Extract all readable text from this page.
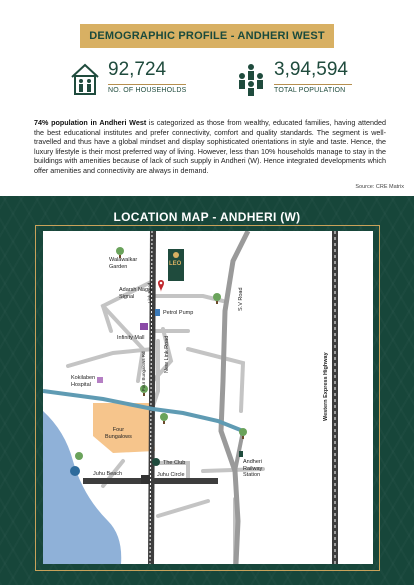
DEMOGRAPHIC PROFILE - ANDHERI WEST
92,724
NO. OF HOUSEHOLDS
3,94,594
TOTAL POPULATION

74% population in Andheri West is categorized as those from wealthy, educated families, having attended the best educational institutes and prefer connectivity, comfort and quality standards. The segment is well-travelled and thus have a global mindset and display sophisticated orientations in style and taste. Hence, the luxury lifestyle is their most preferred way of living. However, less than 10% households manage to stay in the buildings with amenities because of lack of such supply in Andheri (W). Hence integrated developments which offer amenities and connectivity are always in demand.

Source: CRE Matrix
LOCATION MAP - ANDHERI (W)
Walawalkar
Garden	LEO
Adarsh Nagar
Signal
Petrol Pump
Infinity Mall
Kokilaben
Hospital
Four
Bungalows
The Club	Andheri
Railway
Station
Juhu Beach	Juhu Circle
New Link Road
Link Road	S.V Road
Four Bungalows Rd	Western Express Highway
